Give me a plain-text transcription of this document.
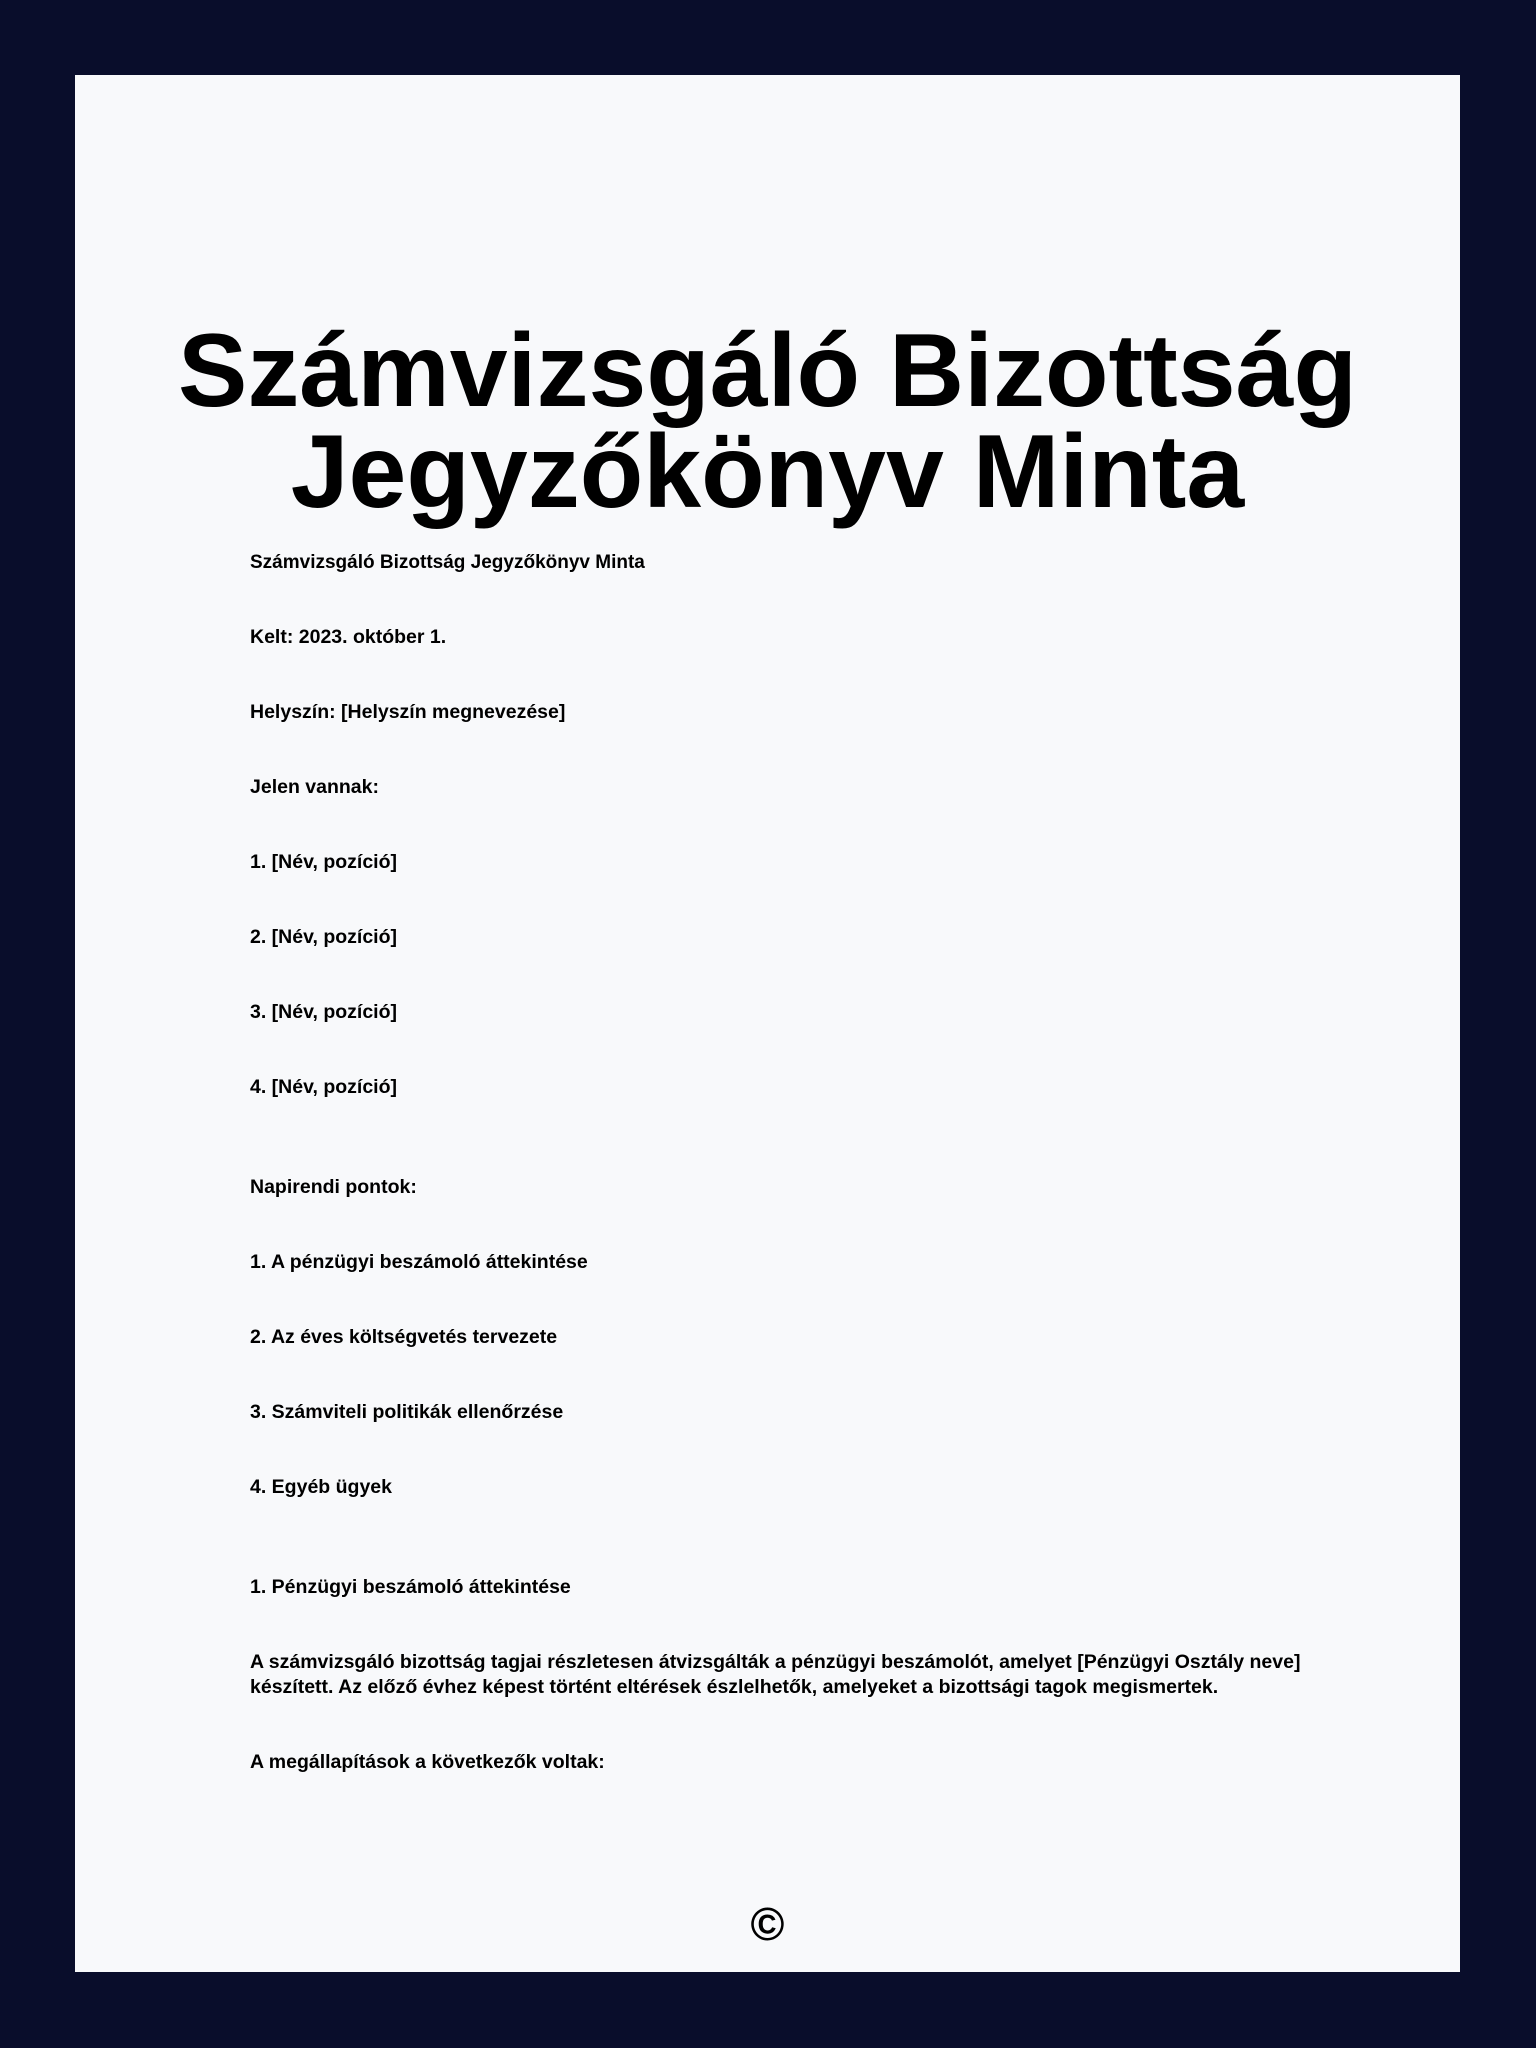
Számvizsgáló Bizottság
Jegyzőkönyv Minta

Számvizsgáló Bizottság Jegyzőkönyv Minta

Kelt: 2023. október 1.

Helyszín: [Helyszín megnevezése]

Jelen vannak:

1. [Név, pozíció]

2. [Név, pozíció]

3. [Név, pozíció]

4. [Név, pozíció]

Napirendi pontok:

1. A pénzügyi beszámoló áttekintése

2. Az éves költségvetés tervezete

3. Számviteli politikák ellenőrzése

4. Egyéb ügyek

1. Pénzügyi beszámoló áttekintése

A számvizsgáló bizottság tagjai részletesen átvizsgálták a pénzügyi beszámolót, amelyet [Pénzügyi Osztály neve] készített. Az előző évhez képest történt eltérések észlelhetők, amelyeket a bizottsági tagok megismertek.

A megállapítások a következők voltak:

©
